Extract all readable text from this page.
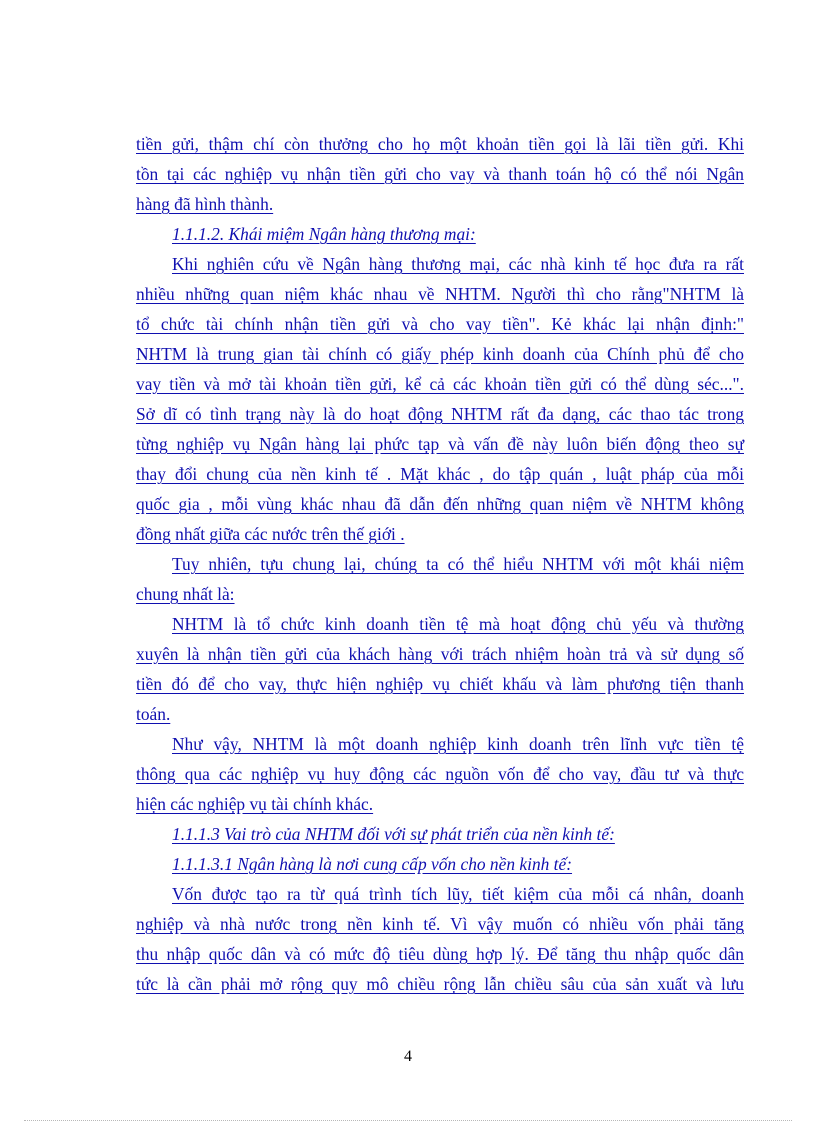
tiền gửi, thậm chí còn thưởng cho họ một khoản tiền gọi là lãi tiền gửi. Khi
tồn tại các nghiệp vụ nhận tiền gửi cho vay và thanh toán hộ có thể nói Ngân
hàng đã hình thành.
1.1.1.2. Khái miệm Ngân hàng thương mại:
Khi nghiên cứu về Ngân hàng thương mại, các nhà kinh tế học đưa ra rất
nhiều những quan niệm khác nhau về NHTM. Người thì cho rằng"NHTM là
tổ chức tài chính nhận tiền gửi và cho vay tiền". Kẻ khác lại nhận định:"
NHTM là trung gian tài chính có giấy phép kinh doanh của Chính phủ để cho
vay tiền và mở tài khoản tiền gửi, kể cả các khoản tiền gửi có thể dùng séc...".
Sở dĩ có tình trạng này là do hoạt động NHTM rất đa dạng, các thao tác trong
từng nghiệp vụ Ngân hàng lại phức tạp và vấn đề này luôn biến động theo sự
thay đổi chung của nền kinh tế . Mặt khác , do tập quán , luật pháp của mỗi
quốc gia , mỗi vùng khác nhau đã dẫn đến những quan niệm về NHTM không
đồng nhất giữa các nước trên thế giới .
Tuy nhiên, tựu chung lại, chúng ta có thể hiểu NHTM với một khái niệm
chung nhất là:
NHTM là tổ chức kinh doanh tiền tệ mà hoạt động chủ yếu và thường
xuyên là nhận tiền gửi của khách hàng với trách nhiệm hoàn trả và sử dụng số
tiền đó để cho vay, thực hiện nghiệp vụ chiết khấu và làm phương tiện thanh
toán.
Như vậy, NHTM là một doanh nghiệp kinh doanh trên lĩnh vực tiền tệ
thông qua các nghiệp vụ huy động các nguồn vốn để cho vay, đầu tư và thực
hiện các nghiệp vụ tài chính khác.
1.1.1.3 Vai trò của NHTM đối với sự phát triển của nền kinh tế:
1.1.1.3.1 Ngân hàng là nơi cung cấp vốn cho nền kinh tế:
Vốn được tạo ra từ quá trình tích lũy, tiết kiệm của mỗi cá nhân, doanh
nghiệp và nhà nước trong nền kinh tế. Vì vậy muốn có nhiều vốn phải tăng
thu nhập quốc dân và có mức độ tiêu dùng hợp lý. Để tăng thu nhập quốc dân
tức là cần phải mở rộng quy mô chiều rộng lẫn chiều sâu của sản xuất và lưu
4
